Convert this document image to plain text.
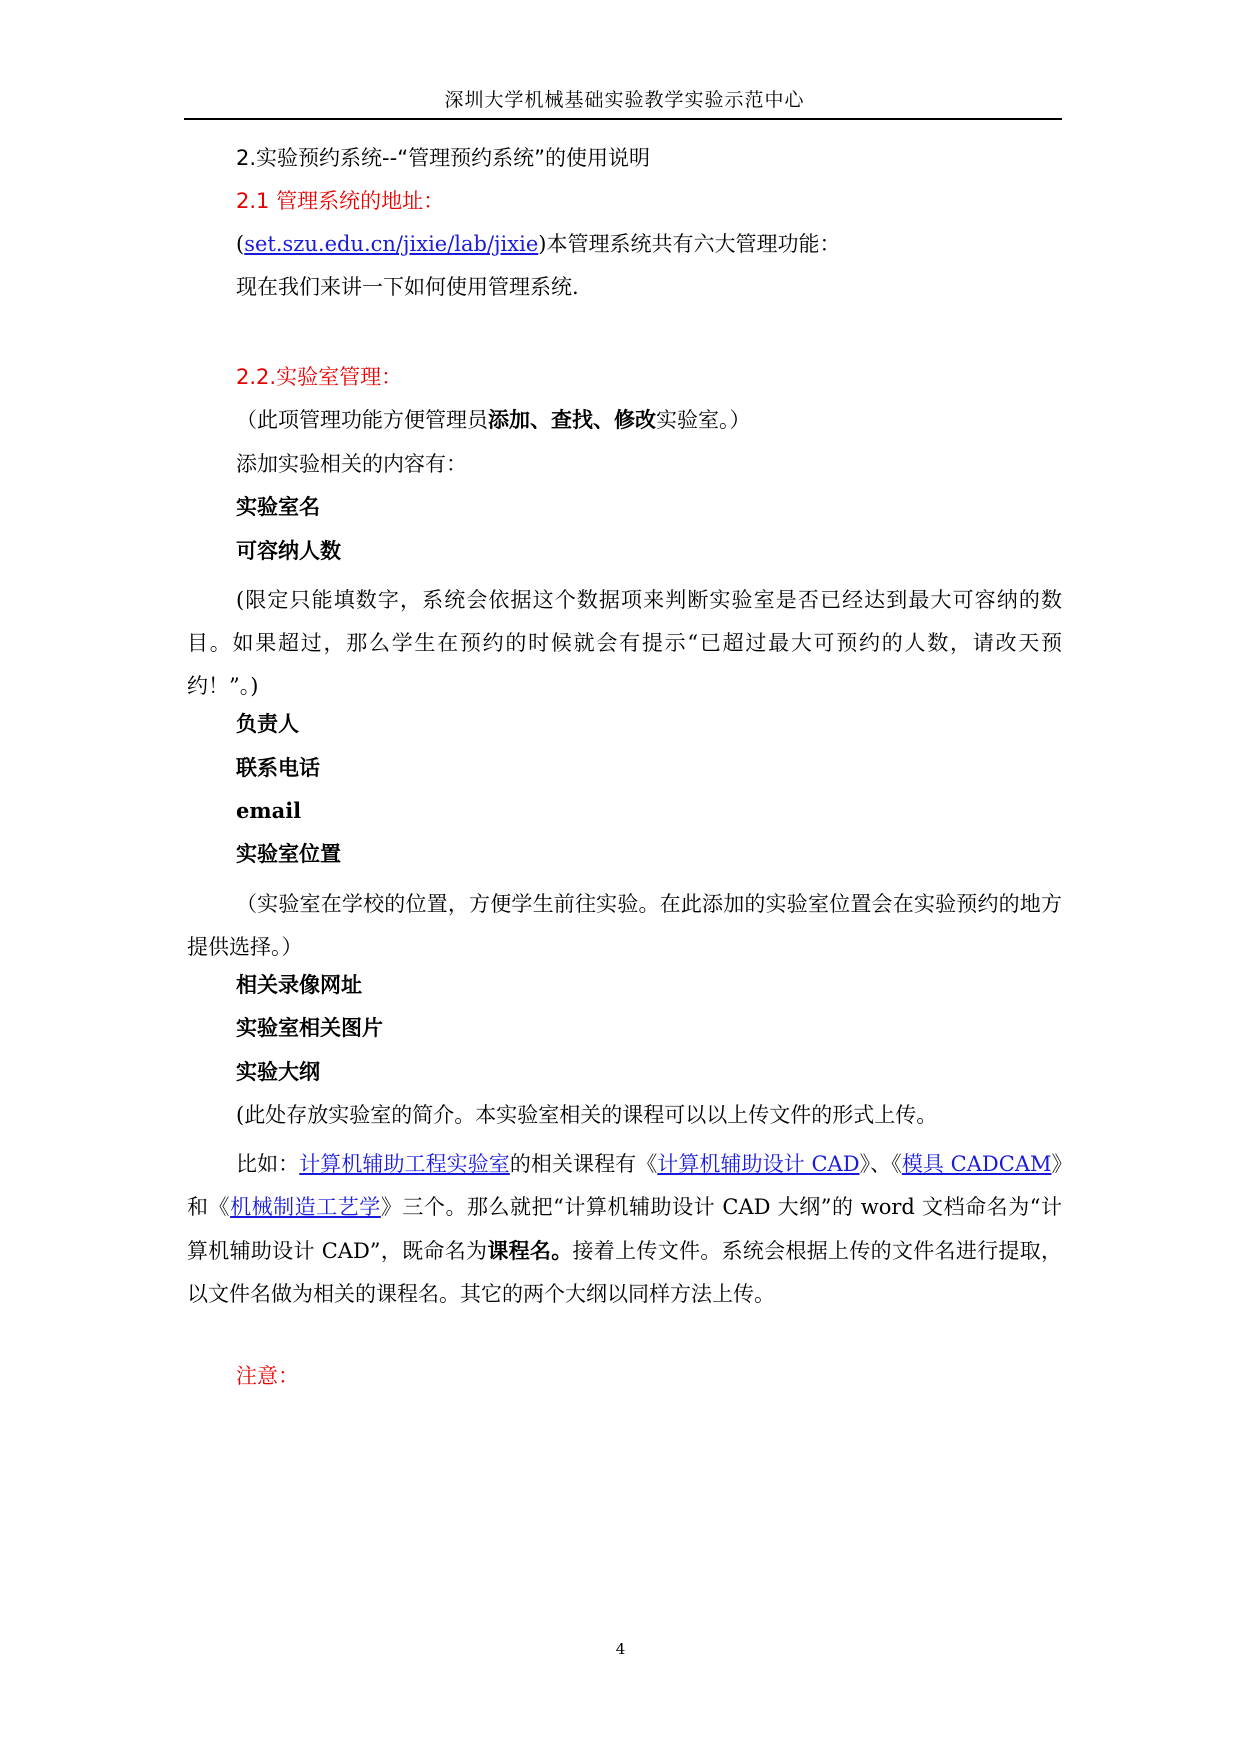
深圳大学机械基础实验教学实验示范中心
2.实验预约系统--“管理预约系统”的使用说明
2.1 管理系统的地址：
(set.szu.edu.cn/jixie/lab/jixie)本管理系统共有六大管理功能：
现在我们来讲一下如何使用管理系统.
2.2.实验室管理：
（此项管理功能方便管理员添加、查找、修改实验室。）
添加实验相关的内容有：
实验室名
可容纳人数
(限定只能填数字，系统会依据这个数据项来判断实验室是否已经达到最大可容纳的数目。如果超过，那么学生在预约的时候就会有提示“已超过最大可预约的人数，请改天预约！”。)
负责人
联系电话
email
实验室位置
（实验室在学校的位置，方便学生前往实验。在此添加的实验室位置会在实验预约的地方提供选择。）
相关录像网址
实验室相关图片
实验大纲
(此处存放实验室的简介。本实验室相关的课程可以以上传文件的形式上传。
比如：计算机辅助工程实验室的相关课程有《计算机辅助设计 CAD》、《模具 CADCAM》和《机械制造工艺学》三个。那么就把“计算机辅助设计 CAD 大纲”的 word 文档命名为“计算机辅助设计 CAD”，既命名为课程名。接着上传文件。系统会根据上传的文件名进行提取，以文件名做为相关的课程名。其它的两个大纲以同样方法上传。
注意：
4
